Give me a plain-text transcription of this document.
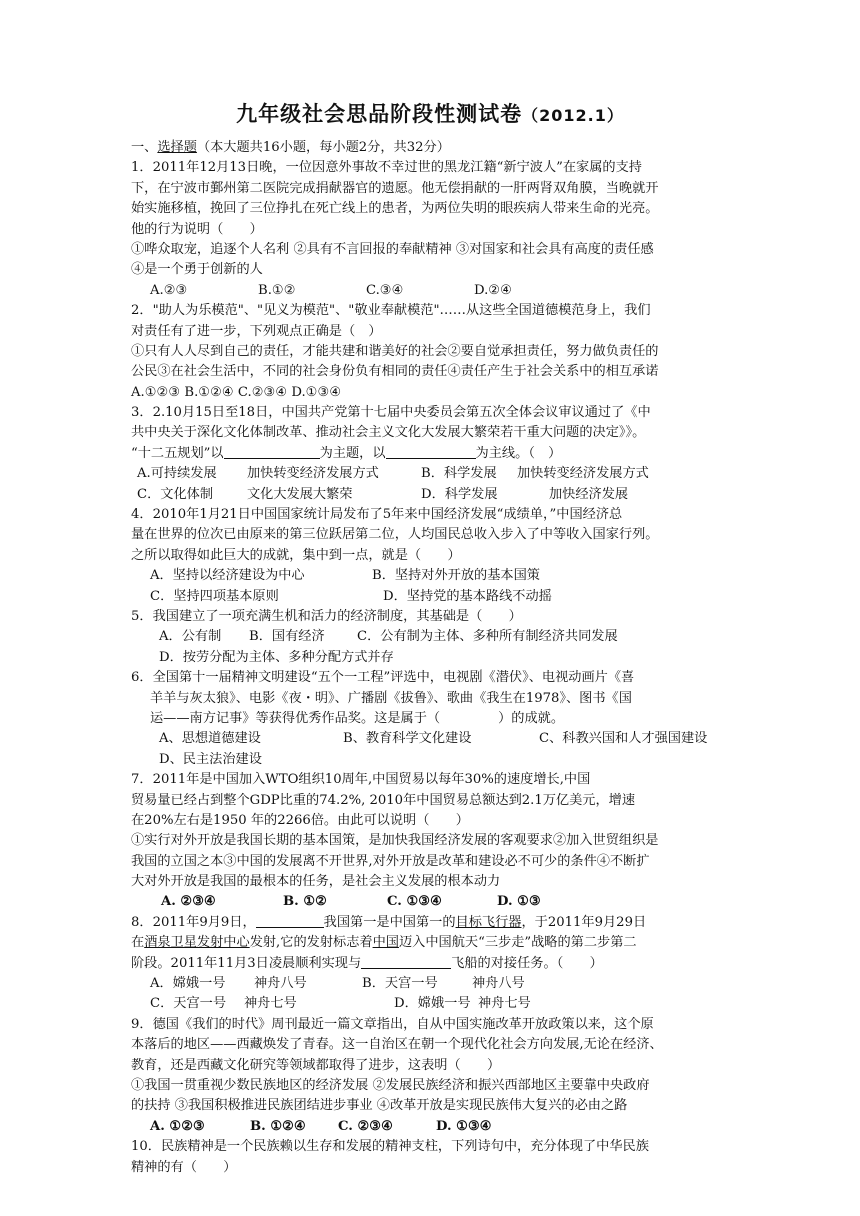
九年级社会思品阶段性测试卷（2012.1）
一、选择题（本大题共16小题，每小题2分，共32分）
1．2011年12月13日晚，一位因意外事故不幸过世的黑龙江籍“新宁波人”在家属的支持
下，在宁波市鄞州第二医院完成捐献器官的遗愿。他无偿捐献的一肝两肾双角膜，当晚就开
始实施移植，挽回了三位挣扎在死亡线上的患者，为两位失明的眼疾病人带来生命的光亮。
他的行为说明（　　）
①哗众取宠，追逐个人名利 ②具有不言回报的奉献精神 ③对国家和社会具有高度的责任感
④是一个勇于创新的人
A.②③	B.①②	C.③④	D.②④
2．"助人为乐模范"、"见义为模范"、"敬业奉献模范"……从这些全国道德模范身上，我们
对责任有了进一步，下列观点正确是（　）
①只有人人尽到自己的责任，才能共建和谐美好的社会②要自觉承担责任，努力做负责任的
公民③在社会生活中，不同的社会身份负有相同的责任④责任产生于社会关系中的相互承诺
A.①②③ B.①②④ C.②③④ D.①③④
3．2.10月15日至18日，中国共产党第十七届中央委员会第五次全体会议审议通过了《中
共中央关于深化文化体制改革、推动社会主义文化大发展大繁荣若干重大问题的决定》》。
“十二五规划”以	为主题，以	为主线。（　）
A.可持续发展 加快转变经济发展方式	B．科学发展 加快转变经济发展方式
C．文化体制	文化大发展大繁荣	D．科学发展	加快经济发展
4．2010年1月21日中国国家统计局发布了5年来中国经济发展“成绩单，”中国经济总
量在世界的位次已由原来的第三位跃居第二位，人均国民总收入步入了中等收入国家行列。
之所以取得如此巨大的成就，集中到一点，就是（　　）
A．坚持以经济建设为中心	B．坚持对外开放的基本国策
C．坚持四项基本原则	D．坚持党的基本路线不动摇
5．我国建立了一项充满生机和活力的经济制度，其基础是（　　）
A．公有制 B．国有经济 C．公有制为主体、多种所有制经济共同发展
D．按劳分配为主体、多种分配方式并存
6．全国第十一届精神文明建设“五个一工程”评选中，电视剧《潜伏》、电视动画片《喜
羊羊与灰太狼》、电影《夜・明》、广播剧《拔鲁》、歌曲《我生在1978》、图书《国
运——南方记事》等获得优秀作品奖。这是属于（	）的成就。
A、思想道德建设	B、教育科学文化建设	C、科教兴国和人才强国建设
D、民主法治建设
7．2011年是中国加入WTO组织10周年,中国贸易以每年30%的速度增长,中国
贸易量已经占到整个GDP比重的74.2%, 2010年中国贸易总额达到2.1万亿美元，增速
在20%左右是1950 年的2266倍。由此可以说明（　　）
①实行对外开放是我国长期的基本国策，是加快我国经济发展的客观要求②加入世贸组织是
我国的立国之本③中国的发展离不开世界,对外开放是改革和建设必不可少的条件④不断扩
大对外开放是我国的最根本的任务，是社会主义发展的根本动力
A. ②③④	B. ①②	C. ①③④	D. ①③
8．2011年9月9日，	我国第一是中国第一的目标飞行器，于2011年9月29日
在酒泉卫星发射中心发射,它的发射标志着中国迈入中国航天“三步走”战略的第二步第二
阶段。2011年11月3日凌晨顺利实现与	飞船的对接任务。（　　）
A．嫦娥一号 神舟八号	B．天宫一号	神舟八号
C．天宫一号 神舟七号	D．嫦娥一号 神舟七号
9．德国《我们的时代》周刊最近一篇文章指出，自从中国实施改革开放政策以来，这个原
本落后的地区——西藏焕发了青春。这一自治区在朝一个现代化社会方向发展,无论在经济、
教育，还是西藏文化研究等领域都取得了进步，这表明（　　）
①我国一贯重视少数民族地区的经济发展 ②发展民族经济和振兴西部地区主要靠中央政府
的扶持 ③我国积极推进民族团结进步事业 ④改革开放是实现民族伟大复兴的必由之路
A. ①②③	B. ①②④ C. ②③④	D. ①③④
10．民族精神是一个民族赖以生存和发展的精神支柱，下列诗句中，充分体现了中华民族
精神的有（　　）
